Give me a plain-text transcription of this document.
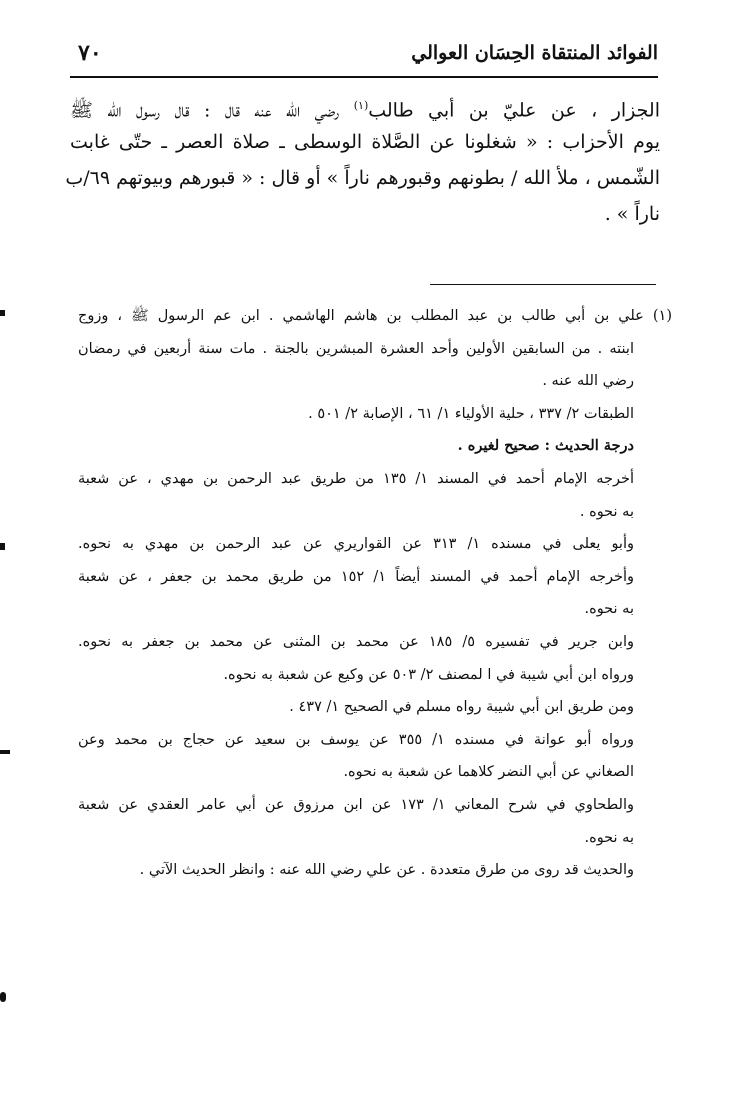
الفوائد المنتقاة الحِسَان العوالي
٧٠
الجزار ، عن عليّ بن أبي طالب$^{(١)}$ رضي الله عنه قال : قال رسول الله ﷺ
يوم الأحزاب : « شغلونا عن الصَّلاة الوسطى ـ صلاة العصر ـ حتّى غابت
الشّمس ، ملأ الله / بطونهم وقبورهم ناراً » أو قال : « قبورهم وبيوتهم ٦٩/ب
ناراً » .
(١) علي بن أبي طالب بن عبد المطلب بن هاشم الهاشمي . ابن عم الرسول ﷺ ، وزوج
ابنته . من السابقين الأولين وأحد العشرة المبشرين بالجنة . مات سنة أربعين في رمضان
رضي الله عنه .
الطبقات ٢/ ٣٣٧ ، حلية الأولياء ١/ ٦١ ، الإصابة ٢/ ٥٠١ .
درجة الحديث : صحيح لغيره .
أخرجه الإمام أحمد في المسند ١/ ١٣٥ من طريق عبد الرحمن بن مهدي ، عن شعبة
به نحوه .
وأبو يعلى في مسنده ١/ ٣١٣ عن القواريري عن عبد الرحمن بن مهدي به نحوه.
وأخرجه الإمام أحمد في المسند أيضاً ١/ ١٥٢ من طريق محمد بن جعفر ، عن شعبة
به نحوه.
وابن جرير في تفسيره ٥/ ١٨٥ عن محمد بن المثنى عن محمد بن جعفر به نحوه.
ورواه ابن أبي شيبة في ا لمصنف ٢/ ٥٠٣ عن وكيع عن شعبة به نحوه.
ومن طريق ابن أبي شيبة رواه مسلم في الصحيح ١/ ٤٣٧ .
ورواه أبو عوانة في مسنده ١/ ٣٥٥ عن يوسف بن سعيد عن حجاج بن محمد وعن
الصغاني عن أبي النضر كلاهما عن شعبة به نحوه.
والطحاوي في شرح المعاني ١/ ١٧٣ عن ابن مرزوق عن أبي عامر العقدي عن شعبة
به نحوه.
والحديث قد روى من طرق متعددة . عن علي رضي الله عنه : وانظر الحديث الآتي .
